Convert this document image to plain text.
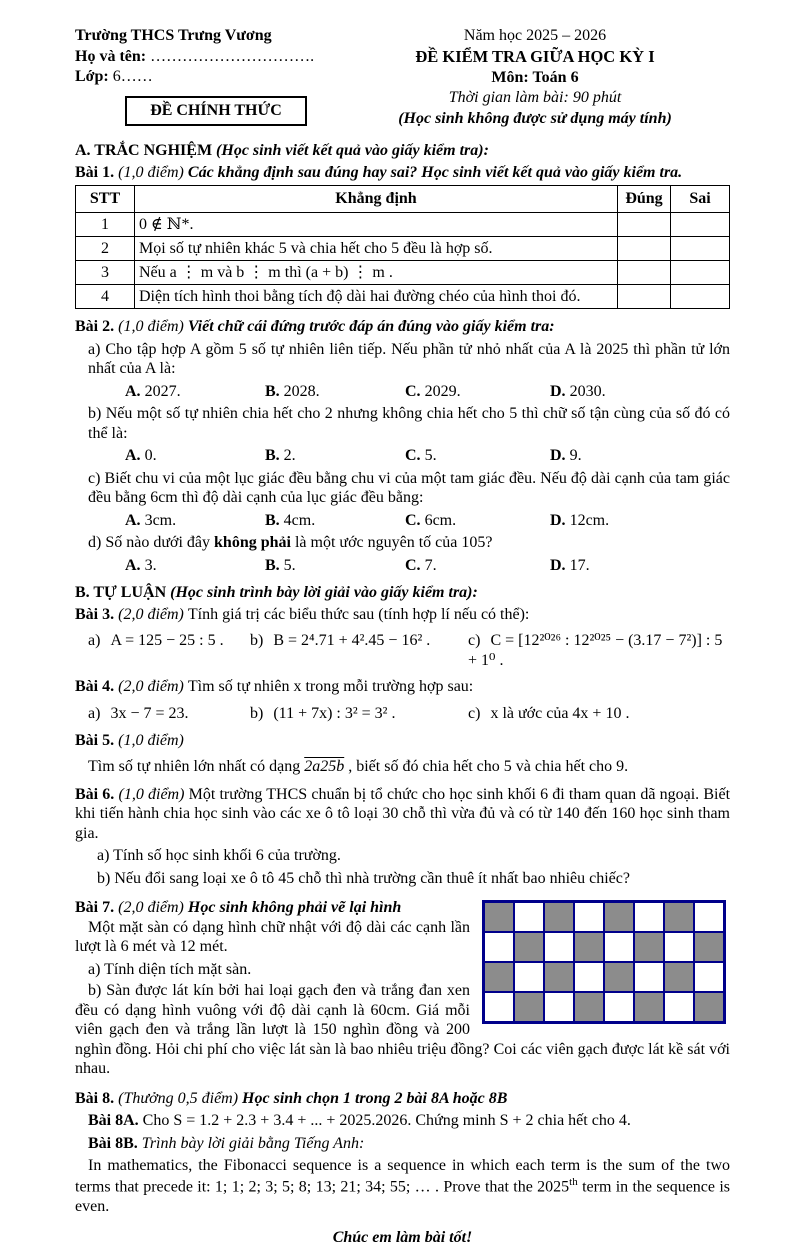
Trường THCS Trưng Vương

Họ và tên: ………………………….

Lớp: 6……

ĐỀ CHÍNH THỨC

Năm học 2025 – 2026

ĐỀ KIỂM TRA GIỮA HỌC KỲ I

Môn: Toán 6

Thời gian làm bài: 90 phút

(Học sinh không được sử dụng máy tính)

A. TRẮC NGHIỆM (Học sinh viết kết quả vào giấy kiểm tra):

Bài 1. (1,0 điểm) Các khẳng định sau đúng hay sai? Học sinh viết kết quả vào giấy kiểm tra.

STT	Khẳng định	Đúng	Sai
1	0 ∉ ℕ*.		
2	Mọi số tự nhiên khác 5 và chia hết cho 5 đều là hợp số.		
3	Nếu a ⋮ m và b ⋮ m thì (a + b) ⋮ m .		
4	Diện tích hình thoi bằng tích độ dài hai đường chéo của hình thoi đó.		

Bài 2. (1,0 điểm) Viết chữ cái đứng trước đáp án đúng vào giấy kiểm tra:

a) Cho tập hợp A gồm 5 số tự nhiên liên tiếp. Nếu phần tử nhỏ nhất của A là 2025 thì phần tử lớn nhất của A là:

A. 2027.	B. 2028.	C. 2029.	D. 2030.

b) Nếu một số tự nhiên chia hết cho 2 nhưng không chia hết cho 5 thì chữ số tận cùng của số đó có thể là:

A. 0.	B. 2.	C. 5.	D. 9.

c) Biết chu vi của một lục giác đều bằng chu vi của một tam giác đều. Nếu độ dài cạnh của tam giác đều bằng 6cm thì độ dài cạnh của lục giác đều bằng:

A. 3cm.	B. 4cm.	C. 6cm.	D. 12cm.

d) Số nào dưới đây không phải là một ước nguyên tố của 105?

A. 3.	B. 5.	C. 7.	D. 17.

B. TỰ LUẬN (Học sinh trình bày lời giải vào giấy kiểm tra):

Bài 3. (2,0 điểm) Tính giá trị các biểu thức sau (tính hợp lí nếu có thể):

a) A = 125 − 25 : 5 .	b) B = 2⁴.71 + 4².45 − 16² .	c) C = [12²⁰²⁶ : 12²⁰²⁵ − (3.17 − 7²)] : 5 + 1⁰ .

Bài 4. (2,0 điểm) Tìm số tự nhiên x trong mỗi trường hợp sau:

a) 3x − 7 = 23.	b) (11 + 7x) : 3² = 3² .	c) x là ước của 4x + 10 .

Bài 5. (1,0 điểm)

Tìm số tự nhiên lớn nhất có dạng 2a25b , biết số đó chia hết cho 5 và chia hết cho 9.

Bài 6. (1,0 điểm) Một trường THCS chuẩn bị tổ chức cho học sinh khối 6 đi tham quan dã ngoại. Biết khi tiến hành chia học sinh vào các xe ô tô loại 30 chỗ thì vừa đủ và có từ 140 đến 160 học sinh tham gia.

a) Tính số học sinh khối 6 của trường.

b) Nếu đổi sang loại xe ô tô 45 chỗ thì nhà trường cần thuê ít nhất bao nhiêu chiếc?

Bài 7. (2,0 điểm) Học sinh không phải vẽ lại hình

Một mặt sàn có dạng hình chữ nhật với độ dài các cạnh lần lượt là 6 mét và 12 mét.

a) Tính diện tích mặt sàn.

b) Sàn được lát kín bởi hai loại gạch đen và trắng đan xen đều có dạng hình vuông với độ dài cạnh là 60cm. Giá mỗi viên gạch đen và trắng lần lượt là 150 nghìn đồng và 200 nghìn đồng. Hỏi chi phí cho việc lát sàn là bao nhiêu triệu đồng? Coi các viên gạch được lát kề sát với nhau.

Bài 8. (Thưởng 0,5 điểm) Học sinh chọn 1 trong 2 bài 8A hoặc 8B

Bài 8A. Cho S = 1.2 + 2.3 + 3.4 + ... + 2025.2026. Chứng minh S + 2 chia hết cho 4.

Bài 8B. Trình bày lời giải bằng Tiếng Anh:

In mathematics, the Fibonacci sequence is a sequence in which each term is the sum of the two terms that precede it: 1; 1; 2; 3; 5; 8; 13; 21; 34; 55; … . Prove that the 2025th term in the sequence is even.

Chúc em làm bài tốt!
